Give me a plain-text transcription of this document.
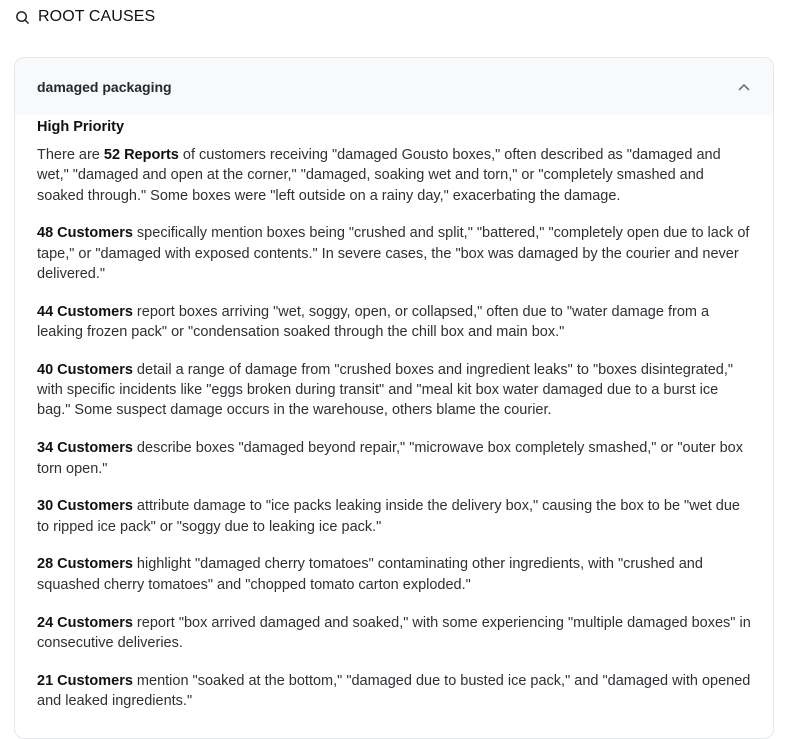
ROOT CAUSES
damaged packaging
High Priority

There are 52 Reports of customers receiving "damaged Gousto boxes," often described as "damaged and wet," "damaged and open at the corner," "damaged, soaking wet and torn," or "completely smashed and soaked through." Some boxes were "left outside on a rainy day," exacerbating the damage.

48 Customers specifically mention boxes being "crushed and split," "battered," "completely open due to lack of tape," or "damaged with exposed contents." In severe cases, the "box was damaged by the courier and never delivered."

44 Customers report boxes arriving "wet, soggy, open, or collapsed," often due to "water damage from a leaking frozen pack" or "condensation soaked through the chill box and main box."

40 Customers detail a range of damage from "crushed boxes and ingredient leaks" to "boxes disintegrated," with specific incidents like "eggs broken during transit" and "meal kit box water damaged due to a burst ice bag." Some suspect damage occurs in the warehouse, others blame the courier.

34 Customers describe boxes "damaged beyond repair," "microwave box completely smashed," or "outer box torn open."

30 Customers attribute damage to "ice packs leaking inside the delivery box," causing the box to be "wet due to ripped ice pack" or "soggy due to leaking ice pack."

28 Customers highlight "damaged cherry tomatoes" contaminating other ingredients, with "crushed and squashed cherry tomatoes" and "chopped tomato carton exploded."

24 Customers report "box arrived damaged and soaked," with some experiencing "multiple damaged boxes" in consecutive deliveries.

21 Customers mention "soaked at the bottom," "damaged due to busted ice pack," and "damaged with opened and leaked ingredients."
